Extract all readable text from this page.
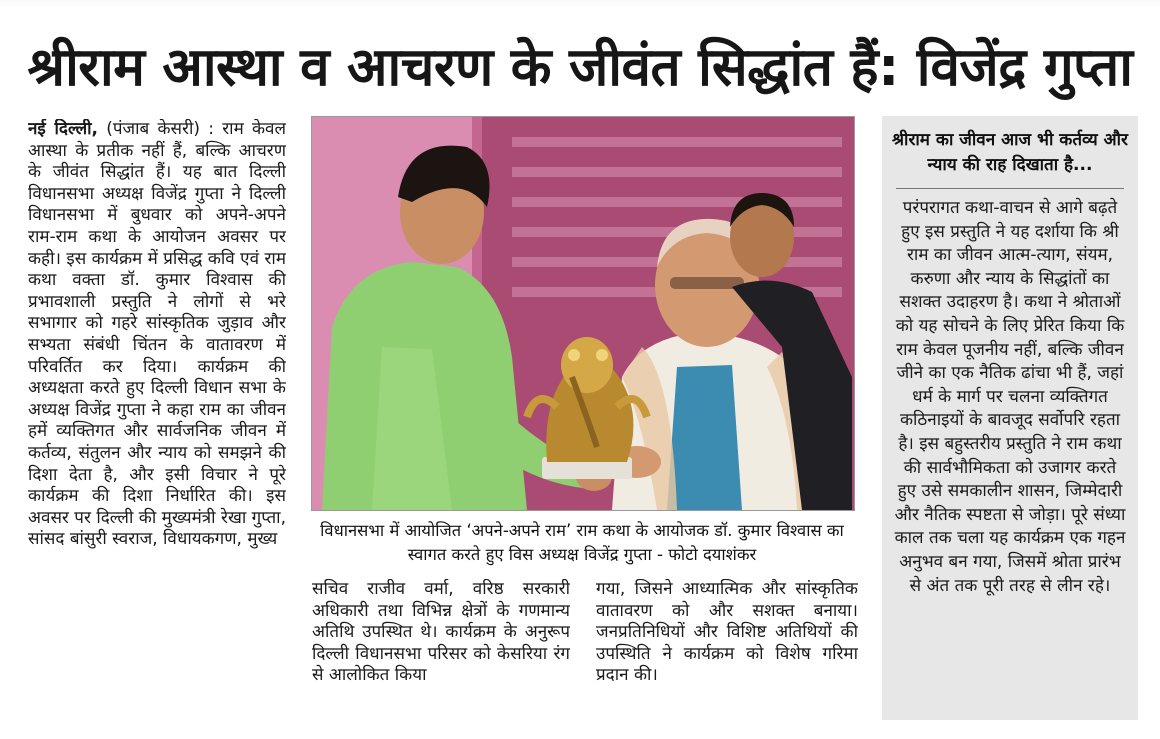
श्रीराम आस्था व आचरण के जीवंत सिद्धांत हैं: विजेंद्र गुप्ता

नई दिल्ली, (पंजाब केसरी) : राम केवल आस्था के प्रतीक नहीं हैं, बल्कि आचरण के जीवंत सिद्धांत हैं। यह बात दिल्ली विधानसभा अध्यक्ष विजेंद्र गुप्ता ने दिल्ली विधानसभा में बुधवार को अपने-अपने राम-राम कथा के आयोजन अवसर पर कही। इस कार्यक्रम में प्रसिद्ध कवि एवं राम कथा वक्ता डॉ. कुमार विश्वास की प्रभावशाली प्रस्तुति ने लोगों से भरे सभागार को गहरे सांस्कृतिक जुड़ाव और सभ्यता संबंधी चिंतन के वातावरण में परिवर्तित कर दिया। कार्यक्रम की अध्यक्षता करते हुए दिल्ली विधान सभा के अध्यक्ष विजेंद्र गुप्ता ने कहा राम का जीवन हमें व्यक्तिगत और सार्वजनिक जीवन में कर्तव्य, संतुलन और न्याय को समझने की दिशा देता है, और इसी विचार ने पूरे कार्यक्रम की दिशा निर्धारित की। इस अवसर पर दिल्ली की मुख्यमंत्री रेखा गुप्ता, सांसद बांसुरी स्वराज, विधायकगण, मुख्य	विधानसभा में आयोजित ‘अपने-अपने राम’ राम कथा के आयोजक डॉ. कुमार विश्वास का स्वागत करते हुए विस अध्यक्ष विजेंद्र गुप्ता - फोटो दयाशंकर

सचिव राजीव वर्मा, वरिष्ठ सरकारी अधिकारी तथा विभिन्न क्षेत्रों के गणमान्य अतिथि उपस्थित थे। कार्यक्रम के अनुरूप दिल्ली विधानसभा परिसर को केसरिया रंग से आलोकित किया

गया, जिसने आध्यात्मिक और सांस्कृतिक वातावरण को और सशक्त बनाया। जनप्रतिनिधियों और विशिष्ट अतिथियों की उपस्थिति ने कार्यक्रम को विशेष गरिमा प्रदान की।

श्रीराम का जीवन आज भी कर्तव्य और न्याय की राह दिखाता है...
परंपरागत कथा-वाचन से आगे बढ़ते हुए इस प्रस्तुति ने यह दर्शाया कि श्री राम का जीवन आत्म-त्याग, संयम, करुणा और न्याय के सिद्धांतों का सशक्त उदाहरण है। कथा ने श्रोताओं को यह सोचने के लिए प्रेरित किया कि राम केवल पूजनीय नहीं, बल्कि जीवन जीने का एक नैतिक ढांचा भी हैं, जहां धर्म के मार्ग पर चलना व्यक्तिगत कठिनाइयों के बावजूद सर्वोपरि रहता है। इस बहुस्तरीय प्रस्तुति ने राम कथा की सार्वभौमिकता को उजागर करते हुए उसे समकालीन शासन, जिम्मेदारी और नैतिक स्पष्टता से जोड़ा। पूरे संध्या काल तक चला यह कार्यक्रम एक गहन अनुभव बन गया, जिसमें श्रोता प्रारंभ से अंत तक पूरी तरह से लीन रहे।
